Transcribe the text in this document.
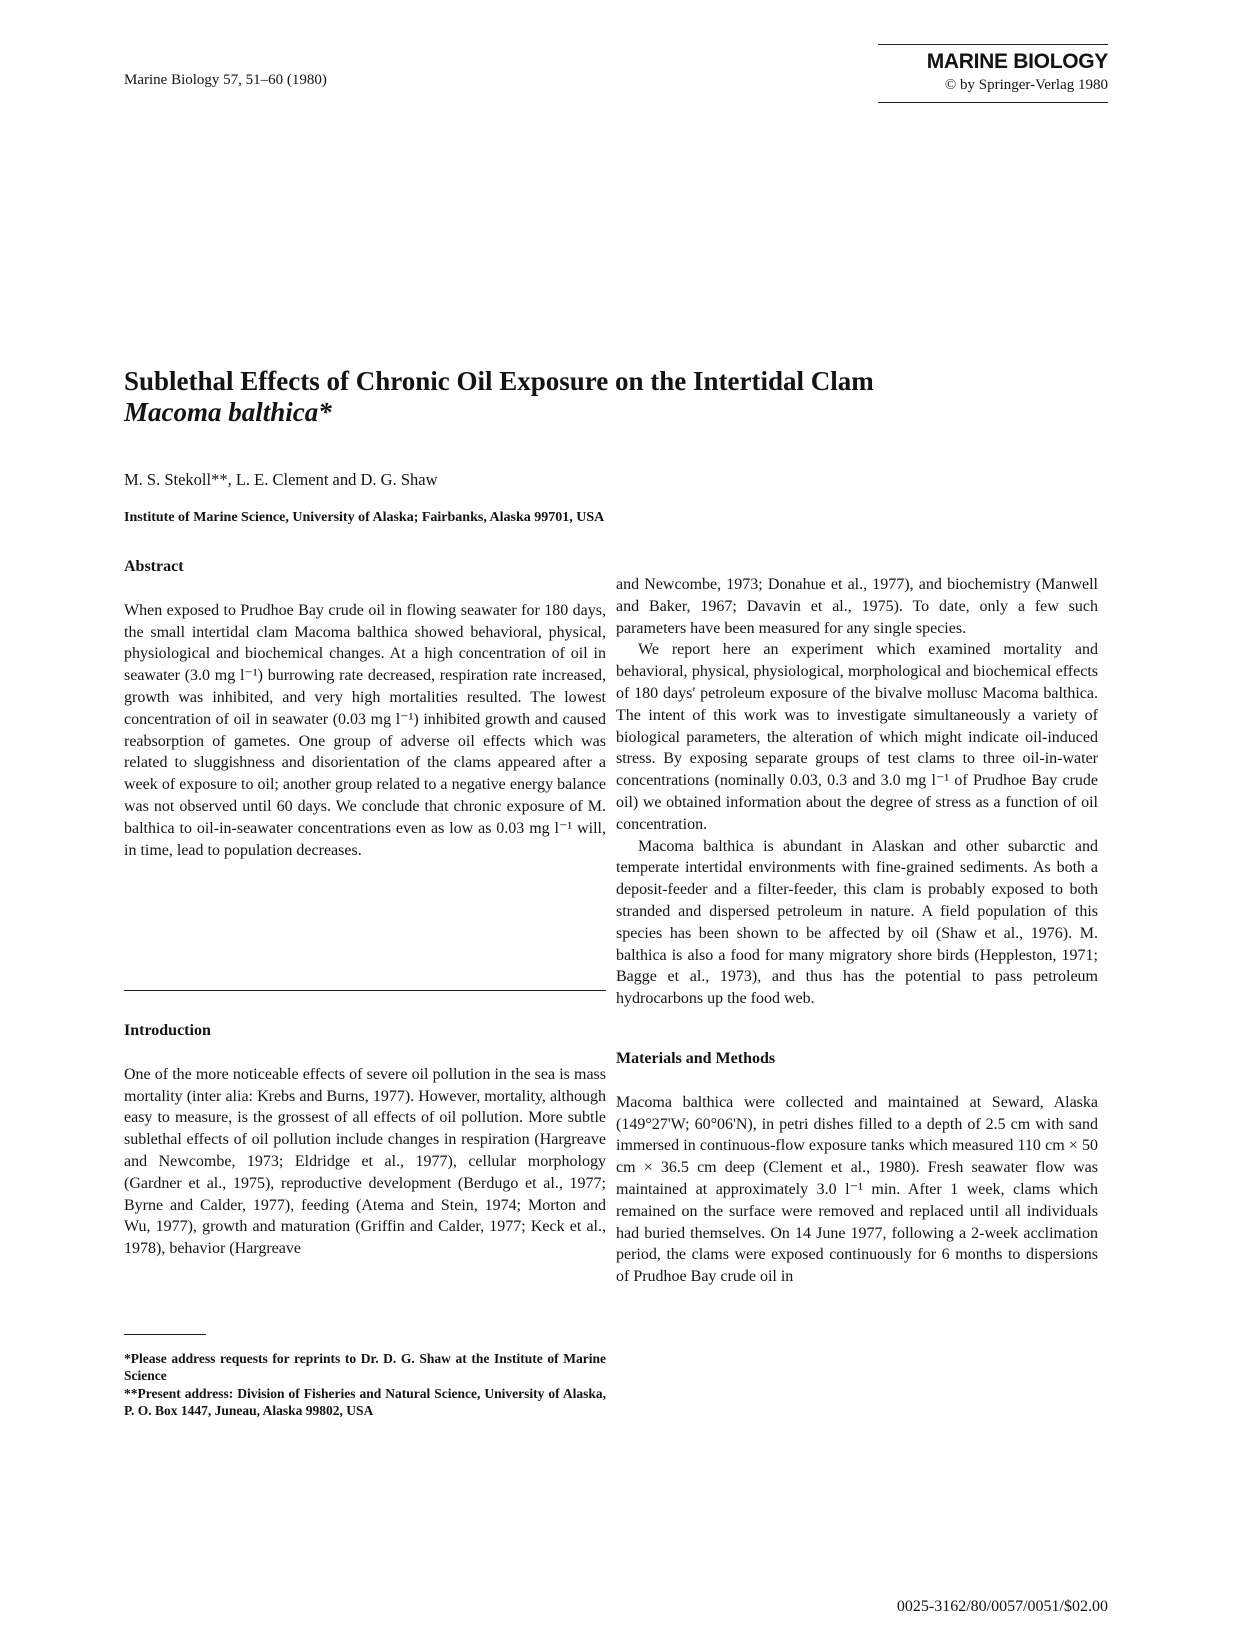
Marine Biology 57, 51–60 (1980)
MARINE BIOLOGY
© by Springer-Verlag 1980
Sublethal Effects of Chronic Oil Exposure on the Intertidal Clam
Macoma balthica*
M. S. Stekoll**, L. E. Clement and D. G. Shaw
Institute of Marine Science, University of Alaska; Fairbanks, Alaska 99701, USA
Abstract

When exposed to Prudhoe Bay crude oil in flowing seawater for 180 days, the small intertidal clam Macoma balthica showed behavioral, physical, physiological and biochemical changes. At a high concentration of oil in seawater (3.0 mg l⁻¹) burrowing rate decreased, respiration rate increased, growth was inhibited, and very high mortalities resulted. The lowest concentration of oil in seawater (0.03 mg l⁻¹) inhibited growth and caused reabsorption of gametes. One group of adverse oil effects which was related to sluggishness and disorientation of the clams appeared after a week of exposure to oil; another group related to a negative energy balance was not observed until 60 days. We conclude that chronic exposure of M. balthica to oil-in-seawater concentrations even as low as 0.03 mg l⁻¹ will, in time, lead to population decreases.

Introduction

One of the more noticeable effects of severe oil pollution in the sea is mass mortality (inter alia: Krebs and Burns, 1977). However, mortality, although easy to measure, is the grossest of all effects of oil pollution. More subtle sublethal effects of oil pollution include changes in respiration (Hargreave and Newcombe, 1973; Eldridge et al., 1977), cellular morphology (Gardner et al., 1975), reproductive development (Berdugo et al., 1977; Byrne and Calder, 1977), feeding (Atema and Stein, 1974; Morton and Wu, 1977), growth and maturation (Griffin and Calder, 1977; Keck et al., 1978), behavior (Hargreave

*Please address requests for reprints to Dr. D. G. Shaw at the Institute of Marine Science
**Present address: Division of Fisheries and Natural Science, University of Alaska, P. O. Box 1447, Juneau, Alaska 99802, USA

and Newcombe, 1973; Donahue et al., 1977), and biochemistry (Manwell and Baker, 1967; Davavin et al., 1975). To date, only a few such parameters have been measured for any single species.

We report here an experiment which examined mortality and behavioral, physical, physiological, morphological and biochemical effects of 180 days' petroleum exposure of the bivalve mollusc Macoma balthica. The intent of this work was to investigate simultaneously a variety of biological parameters, the alteration of which might indicate oil-induced stress. By exposing separate groups of test clams to three oil-in-water concentrations (nominally 0.03, 0.3 and 3.0 mg l⁻¹ of Prudhoe Bay crude oil) we obtained information about the degree of stress as a function of oil concentration.

Macoma balthica is abundant in Alaskan and other subarctic and temperate intertidal environments with fine-grained sediments. As both a deposit-feeder and a filter-feeder, this clam is probably exposed to both stranded and dispersed petroleum in nature. A field population of this species has been shown to be affected by oil (Shaw et al., 1976). M. balthica is also a food for many migratory shore birds (Heppleston, 1971; Bagge et al., 1973), and thus has the potential to pass petroleum hydrocarbons up the food web.

Materials and Methods

Macoma balthica were collected and maintained at Seward, Alaska (149°27'W; 60°06'N), in petri dishes filled to a depth of 2.5 cm with sand immersed in continuous-flow exposure tanks which measured 110 cm × 50 cm × 36.5 cm deep (Clement et al., 1980). Fresh seawater flow was maintained at approximately 3.0 l⁻¹ min. After 1 week, clams which remained on the surface were removed and replaced until all individuals had buried themselves. On 14 June 1977, following a 2-week acclimation period, the clams were exposed continuously for 6 months to dispersions of Prudhoe Bay crude oil in

0025-3162/80/0057/0051/$02.00
